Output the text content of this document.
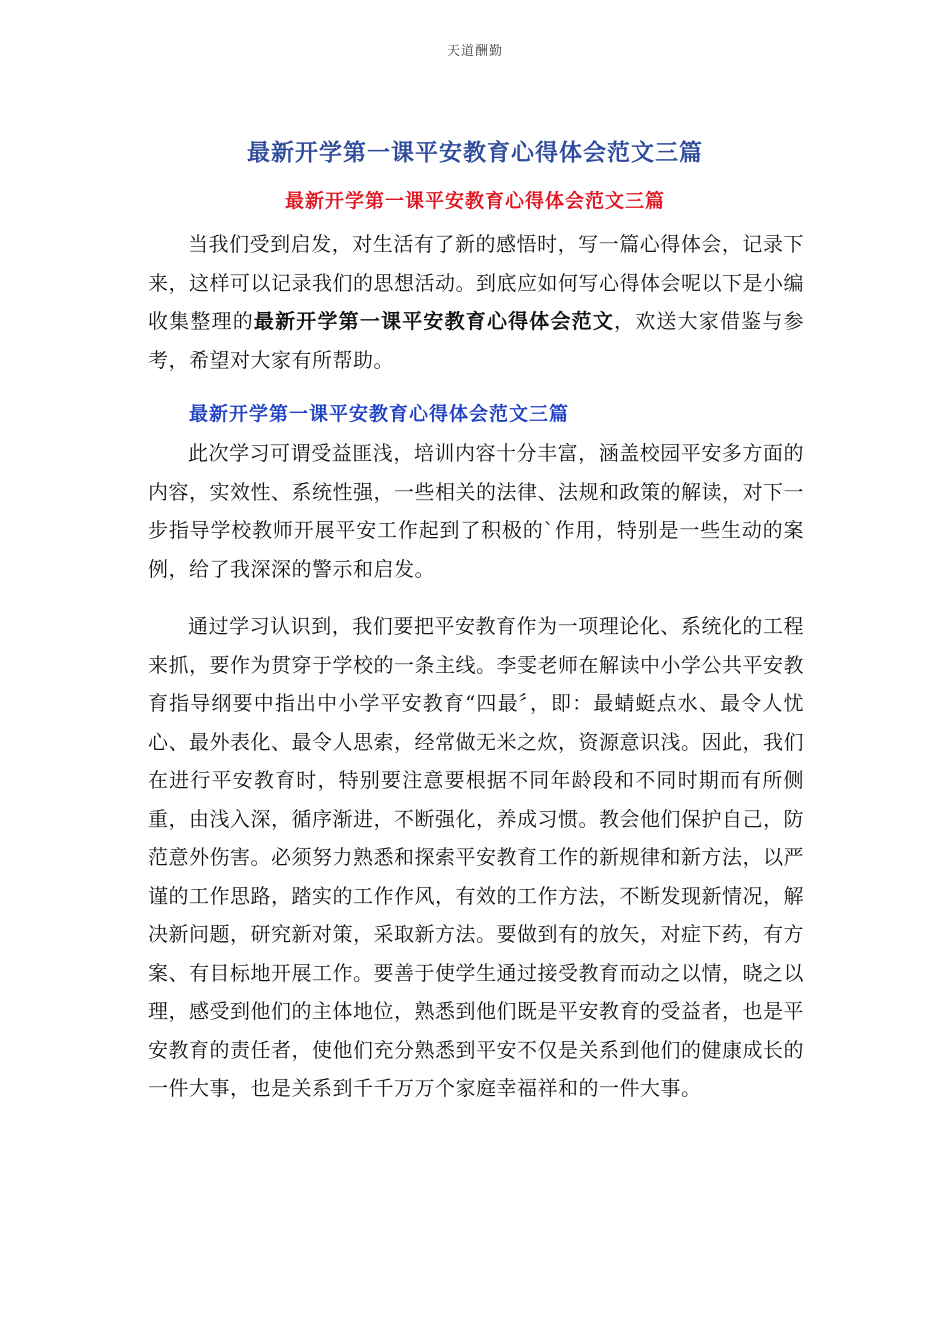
天道酬勤
最新开学第一课平安教育心得体会范文三篇
最新开学第一课平安教育心得体会范文三篇

当我们受到启发，对生活有了新的感悟时，写一篇心得体会，记录下来，这样可以记录我们的思想活动。到底应如何写心得体会呢以下是小编收集整理的最新开学第一课平安教育心得体会范文，欢送大家借鉴与参考，希望对大家有所帮助。

最新开学第一课平安教育心得体会范文三篇

此次学习可谓受益匪浅，培训内容十分丰富，涵盖校园平安多方面的内容，实效性、系统性强，一些相关的法律、法规和政策的解读，对下一步指导学校教师开展平安工作起到了积极的`作用，特别是一些生动的案例，给了我深深的警示和启发。

通过学习认识到，我们要把平安教育作为一项理论化、系统化的工程来抓，要作为贯穿于学校的一条主线。李雯老师在解读中小学公共平安教育指导纲要中指出中小学平安教育“四最〞，即：最蜻蜓点水、最令人忧心、最外表化、最令人思索，经常做无米之炊，资源意识浅。因此，我们在进行平安教育时，特别要注意要根据不同年龄段和不同时期而有所侧重，由浅入深，循序渐进，不断强化，养成习惯。教会他们保护自己，防范意外伤害。必须努力熟悉和探索平安教育工作的新规律和新方法，以严谨的工作思路，踏实的工作作风，有效的工作方法，不断发现新情况，解决新问题，研究新对策，采取新方法。要做到有的放矢，对症下药，有方案、有目标地开展工作。要善于使学生通过接受教育而动之以情，晓之以理，感受到他们的主体地位，熟悉到他们既是平安教育的受益者，也是平安教育的责任者，使他们充分熟悉到平安不仅是关系到他们的健康成长的一件大事，也是关系到千千万万个家庭幸福祥和的一件大事。
